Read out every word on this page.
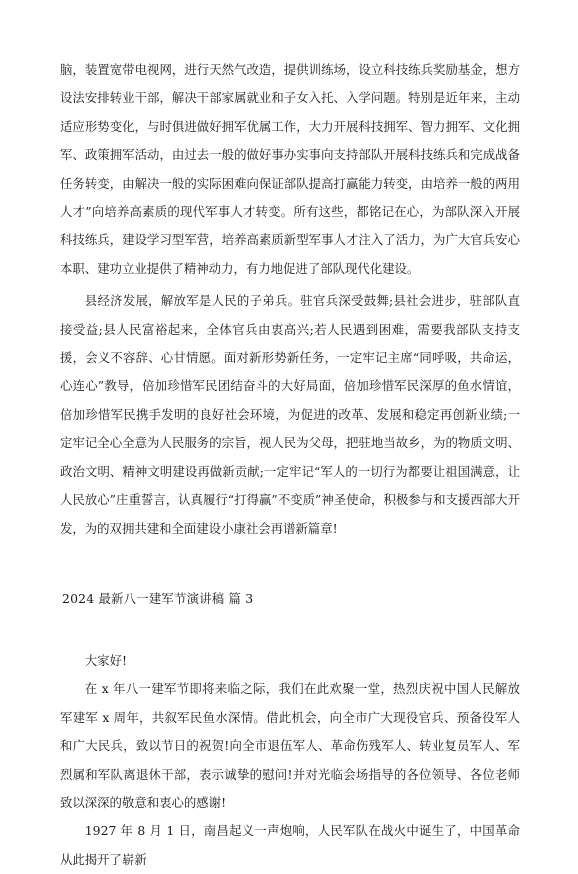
脑，装置宽带电视网，进行天然气改造，提供训练场，设立科技练兵奖励基金，想方设法安排转业干部，解决干部家属就业和子女入托、入学问题。特别是近年来，主动适应形势变化，与时俱进做好拥军优属工作，大力开展科技拥军、智力拥军、文化拥军、政策拥军活动，由过去一般的做好事办实事向支持部队开展科技练兵和完成战备任务转变，由解决一般的实际困难向保证部队提高打赢能力转变，由培养一般的两用人才”向培养高素质的现代军事人才转变。所有这些，都铭记在心，为部队深入开展科技练兵，建设学习型军营，培养高素质新型军事人才注入了活力，为广大官兵安心本职、建功立业提供了精神动力，有力地促进了部队现代化建设。

县经济发展，解放军是人民的子弟兵。驻官兵深受鼓舞;县社会进步，驻部队直接受益;县人民富裕起来，全体官兵由衷高兴;若人民遇到困难，需要我部队支持支援，会义不容辞、心甘情愿。面对新形势新任务，一定牢记主席“同呼吸，共命运，心连心”教导，倍加珍惜军民团结奋斗的大好局面，倍加珍惜军民深厚的鱼水情谊，倍加珍惜军民携手发明的良好社会环境，为促进的改革、发展和稳定再创新业绩;一定牢记全心全意为人民服务的宗旨，视人民为父母，把驻地当故乡，为的物质文明、政治文明、精神文明建设再做新贡献;一定牢记“军人的一切行为都要让祖国满意，让人民放心”庄重誓言，认真履行“打得赢”不变质”神圣使命，积极参与和支援西部大开发，为的双拥共建和全面建设小康社会再谱新篇章!

2024 最新八一建军节演讲稿 篇 3

大家好!

在 x 年八一建军节即将来临之际，我们在此欢聚一堂，热烈庆祝中国人民解放军建军 x 周年，共叙军民鱼水深情。借此机会，向全市广大现役官兵、预备役军人和广大民兵，致以节日的祝贺!向全市退伍军人、革命伤残军人、转业复员军人、军烈属和军队离退休干部，表示诚挚的慰问!并对光临会场指导的各位领导、各位老师致以深深的敬意和衷心的感谢!

1927 年 8 月 1 日，南昌起义一声炮响，人民军队在战火中诞生了，中国革命从此揭开了崭新
